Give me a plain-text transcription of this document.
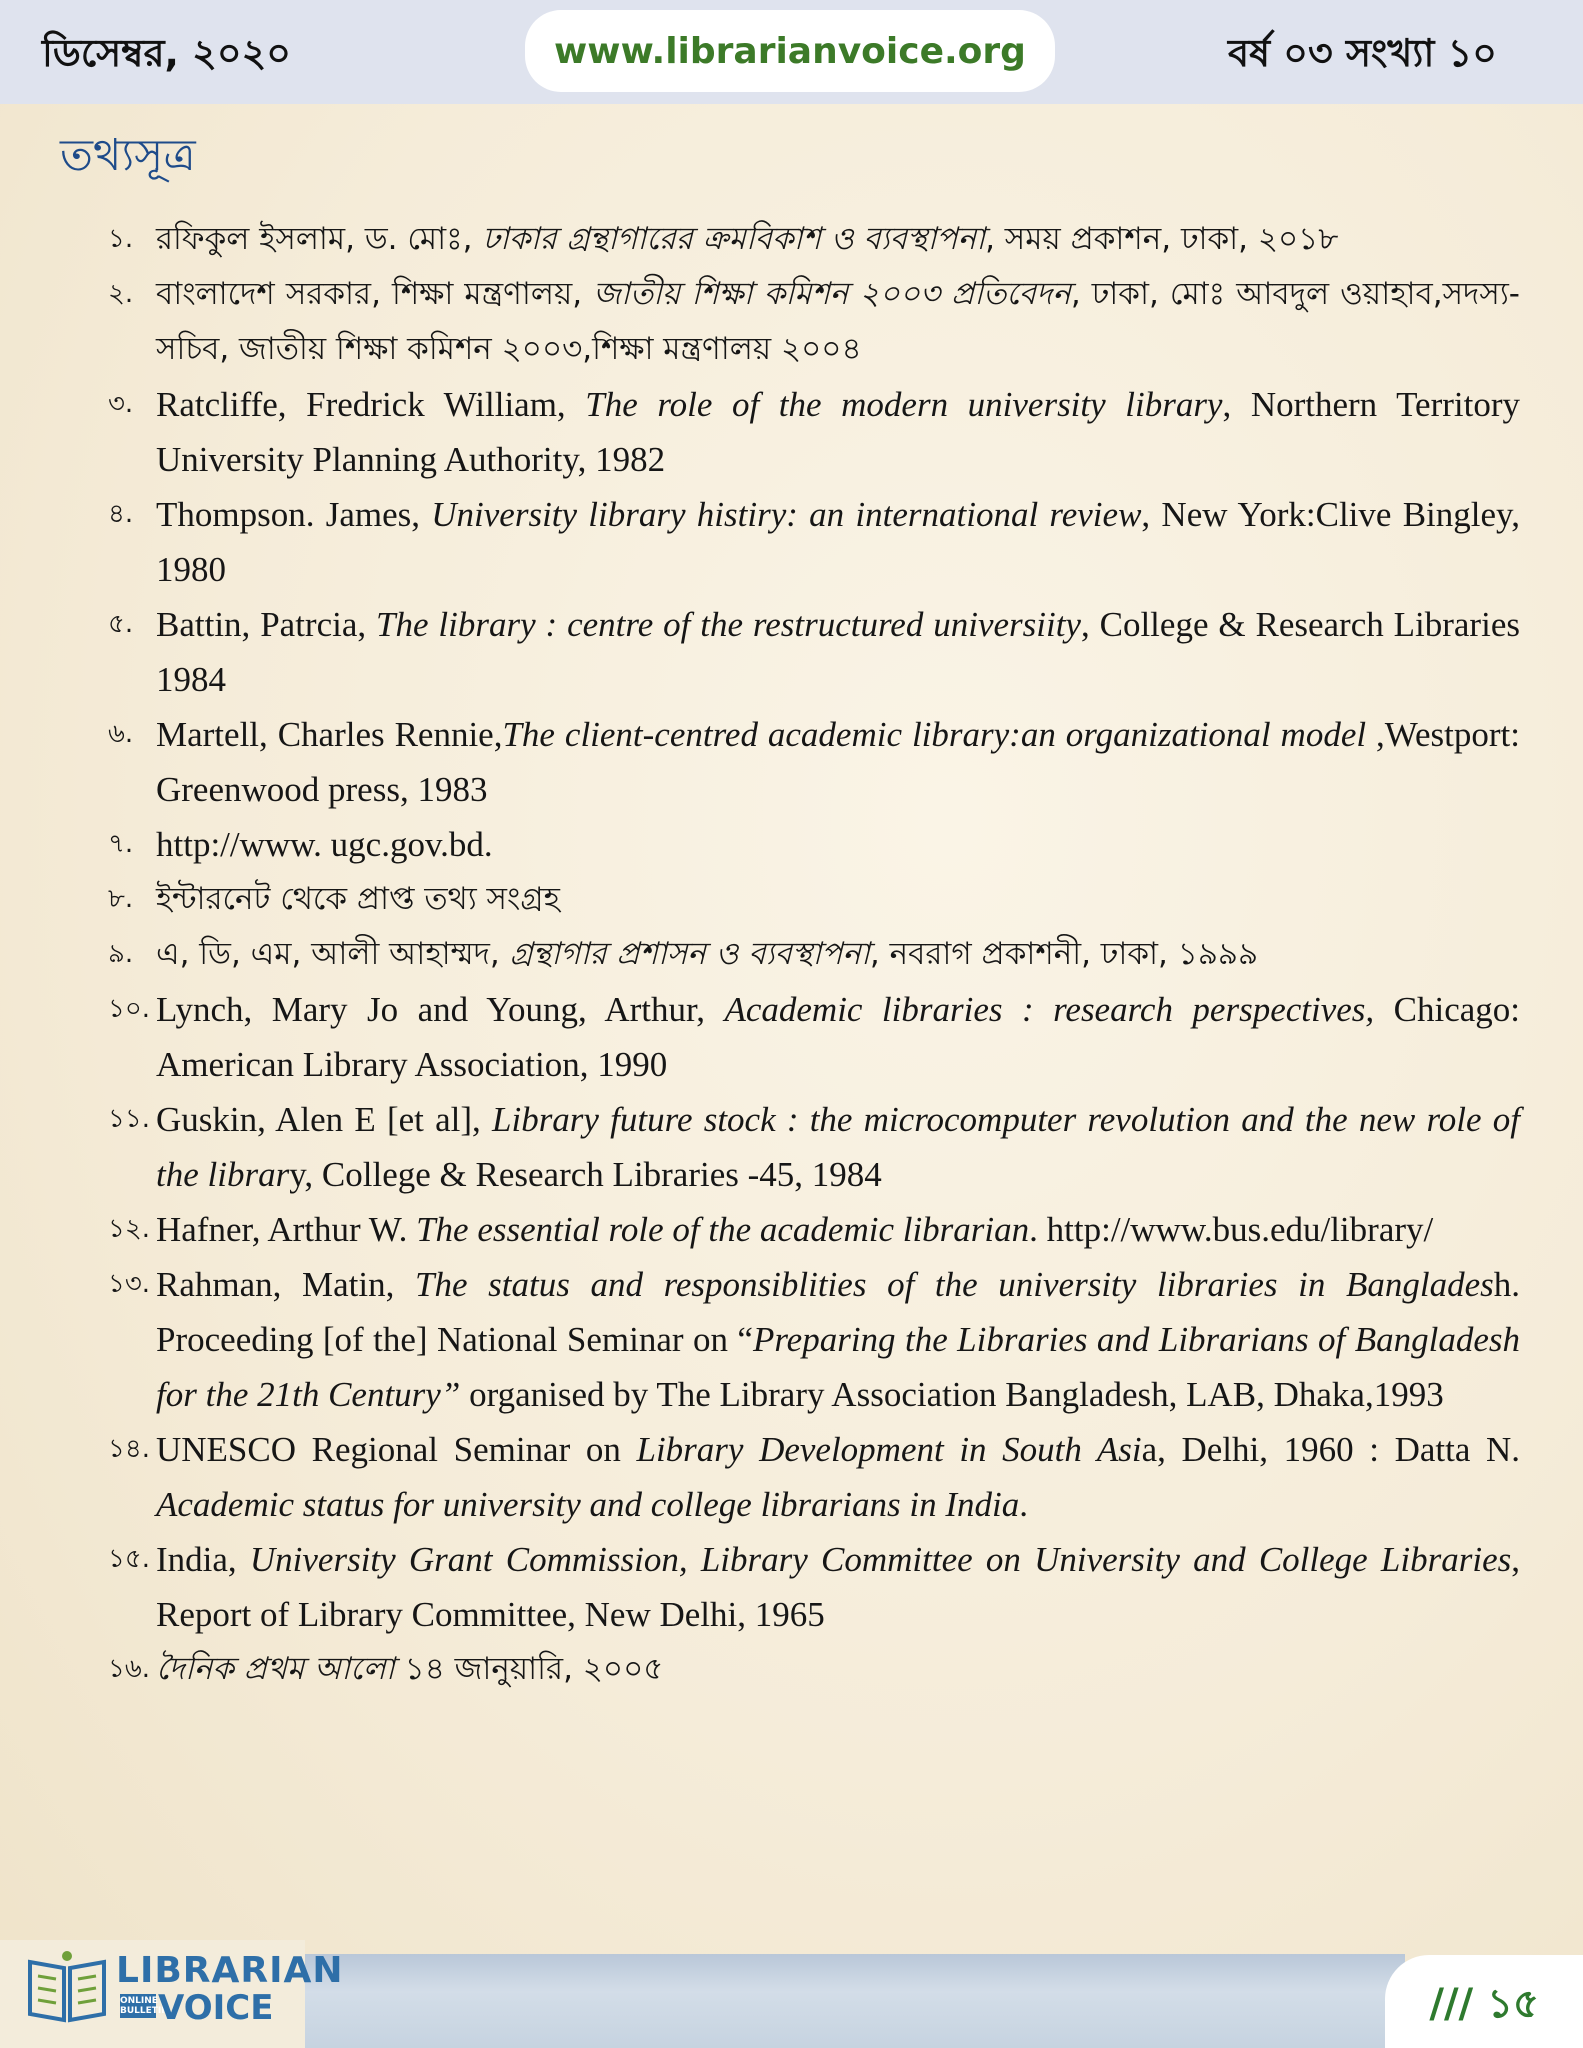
ডিসেম্বর, ২০২০	www.librarianvoice.org	বর্ষ ০৩ সংখ্যা ১০
তথ্যসূত্র
১. রফিকুল ইসলাম, ড. মোঃ, ঢাকার গ্রন্থাগারের ক্রমবিকাশ ও ব্যবস্থাপনা, সময় প্রকাশন, ঢাকা, ২০১৮
২. বাংলাদেশ সরকার, শিক্ষা মন্ত্রণালয়, জাতীয় শিক্ষা কমিশন ২০০৩ প্রতিবেদন, ঢাকা, মোঃ আবদুল ওয়াহাব,সদস্য-সচিব, জাতীয় শিক্ষা কমিশন ২০০৩,শিক্ষা মন্ত্রণালয় ২০০৪
৩. Ratcliffe, Fredrick William, The role of the modern university library, Northern Territory University Planning Authority, 1982
৪. Thompson. James, University library histiry: an international review, New York:Clive Bingley, 1980
৫. Battin, Patrcia, The library : centre of the restructured universiity, College & Research Libraries 1984
৬. Martell, Charles Rennie,The client-centred academic library:an organizational model ,Westport: Greenwood press, 1983
৭. http://www. ugc.gov.bd.
৮. ইন্টারনেট থেকে প্রাপ্ত তথ্য সংগ্রহ
৯. এ, ডি, এম, আলী আহাম্মদ, গ্রন্থাগার প্রশাসন ও ব্যবস্থাপনা, নবরাগ প্রকাশনী, ঢাকা, ১৯৯৯
১০. Lynch, Mary Jo and Young, Arthur, Academic libraries : research perspectives, Chicago: American Library Association, 1990
১১. Guskin, Alen E [et al], Library future stock : the microcomputer revolution and the new role of the library, College & Research Libraries -45, 1984
১২. Hafner, Arthur W. The essential role of the academic librarian. http://www.bus.edu/library/
১৩. Rahman, Matin, The status and responsiblities of the university libraries in Bangladesh. Proceeding [of the] National Seminar on “Preparing the Libraries and Librarians of Bangladesh for the 21th Century” organised by The Library Association Bangladesh, LAB, Dhaka,1993
১৪. UNESCO Regional Seminar on Library Development in South Asia, Delhi, 1960 : Datta N. Academic status for university and college librarians in India.
১৫. India, University Grant Commission, Library Committee on University and College Libraries, Report of Library Committee, New Delhi, 1965
১৬. দৈনিক প্রথম আলো ১৪ জানুয়ারি, ২০০৫
LIBRARIAN
ONLINE BULLETIN
VOICE	/// ১৫
